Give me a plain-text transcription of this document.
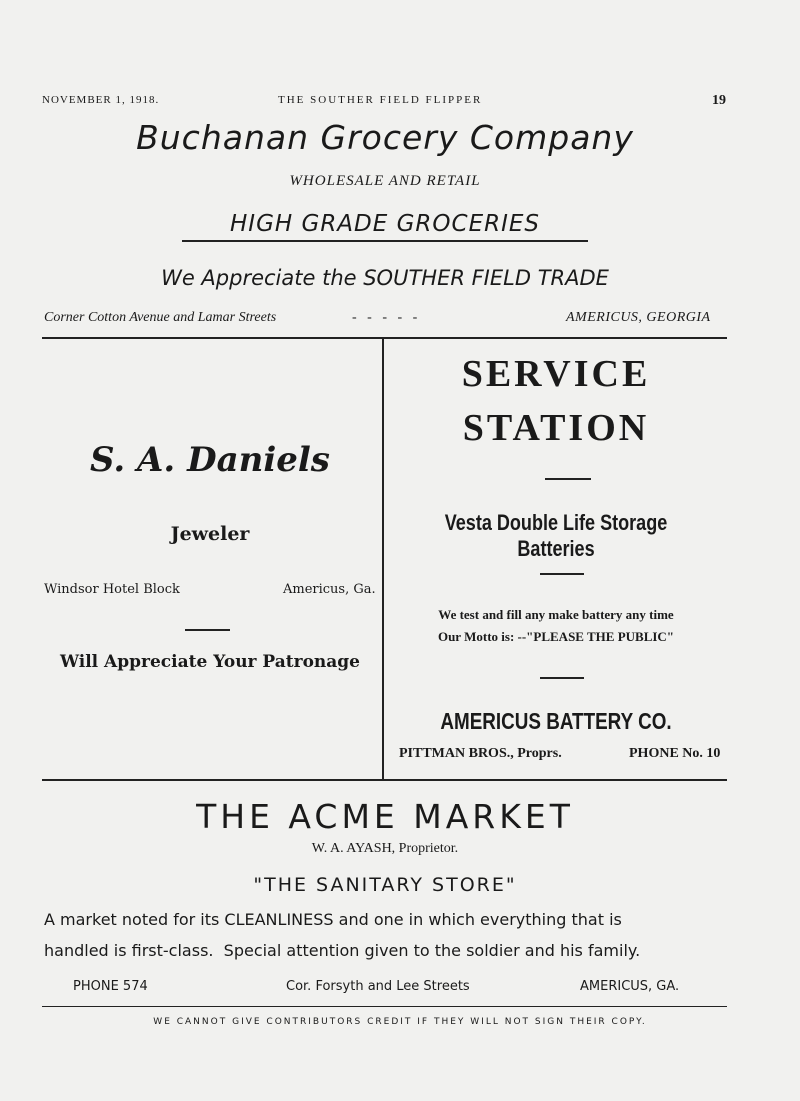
NOVEMBER 1, 1918.	THE SOUTHER FIELD FLIPPER	19
Buchanan Grocery Company
WHOLESALE AND RETAIL
HIGH GRADE GROCERIES
We Appreciate the SOUTHER FIELD TRADE
Corner Cotton Avenue and Lamar Streets	-   -   -   -   -	AMERICUS, GEORGIA
S. A. Daniels
Jeweler
Windsor Hotel Block	Americus, Ga.
Will Appreciate Your Patronage
SERVICE
STATION
Vesta Double Life Storage Batteries
We test and fill any make battery any time
Our Motto is: --"PLEASE THE PUBLIC"
AMERICUS BATTERY CO.
PITTMAN BROS., Proprs.	PHONE No. 10
THE ACME MARKET
W. A. AYASH, Proprietor.
"THE SANITARY STORE"
A market noted for its CLEANLINESS and one in which everything that is
handled is first-class.  Special attention given to the soldier and his family.
PHONE 574	Cor. Forsyth and Lee Streets	AMERICUS, GA.
WE CANNOT GIVE CONTRIBUTORS CREDIT IF THEY WILL NOT SIGN THEIR COPY.
